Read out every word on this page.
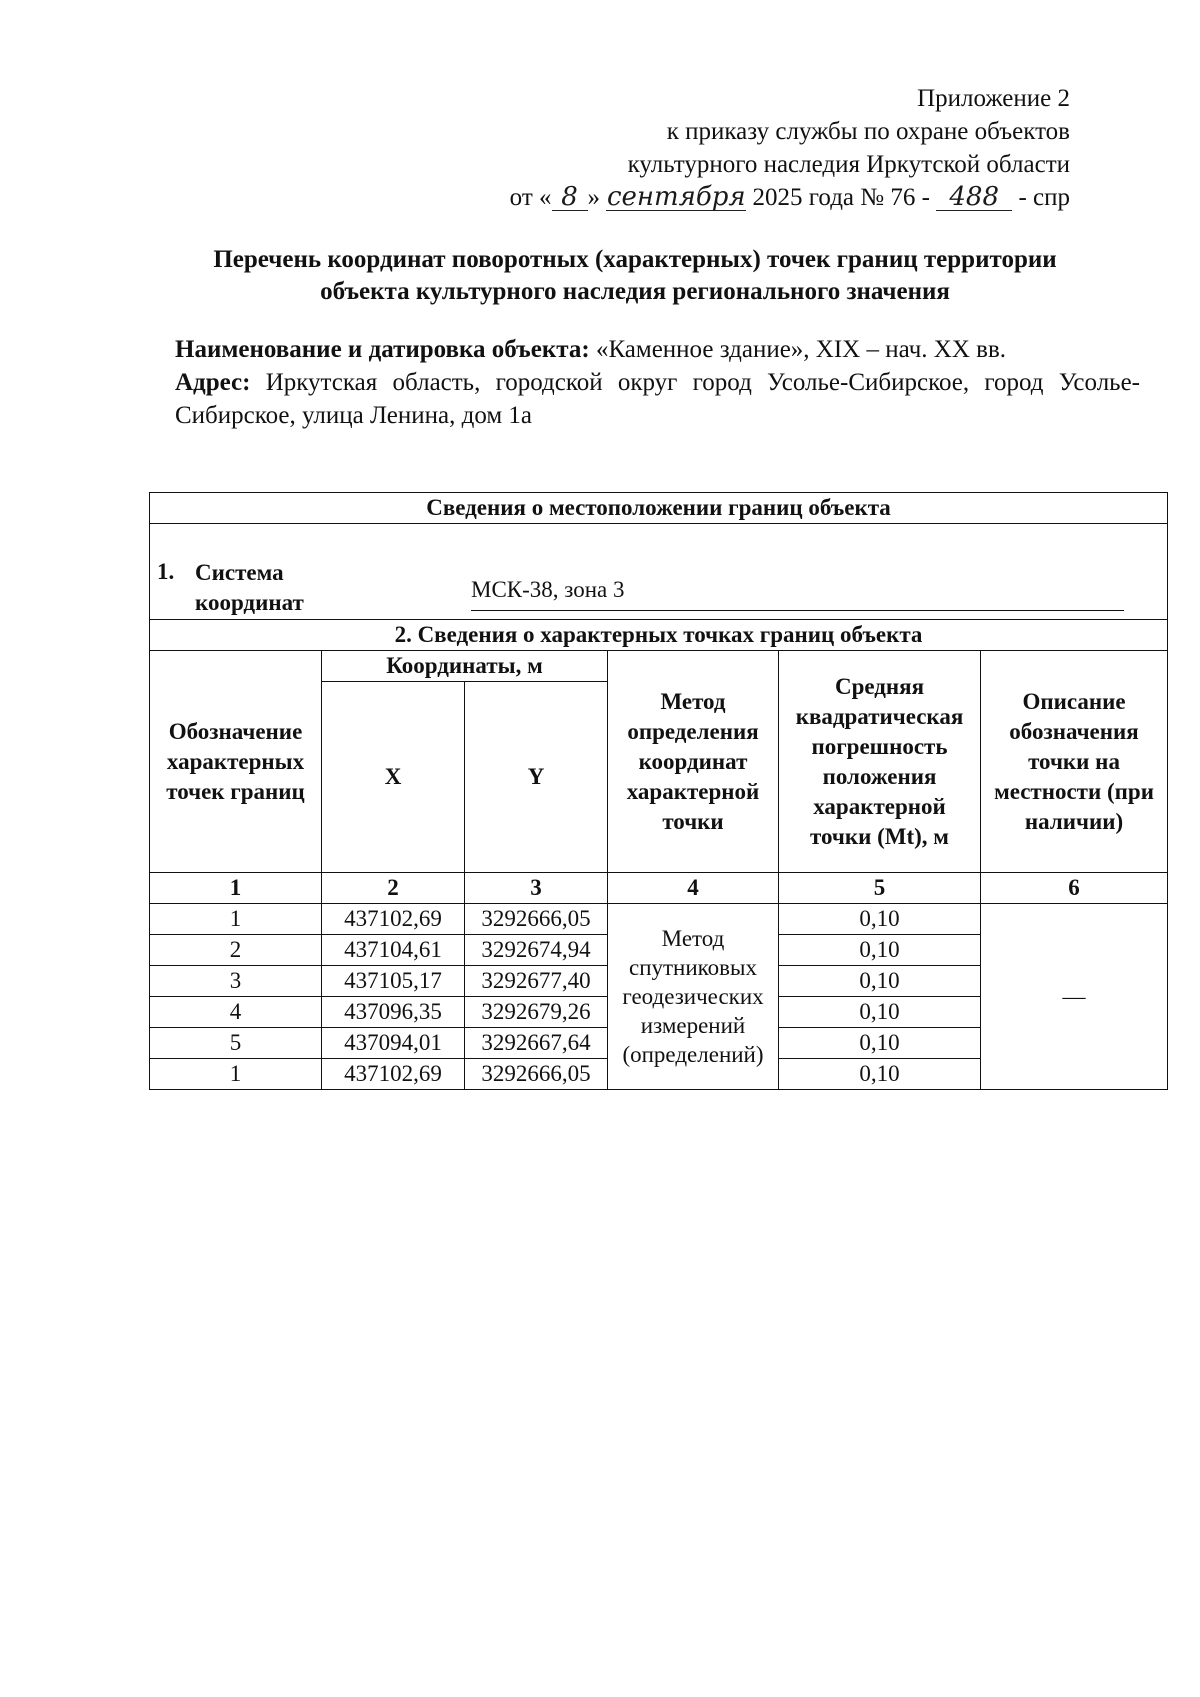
Приложение 2
к приказу службы по охране объектов
культурного наследия Иркутской области
от « 8 » сентября 2025 года № 76 - 488 - спр
Перечень координат поворотных (характерных) точек границ территории
объекта культурного наследия регионального значения
Наименование и датировка объекта: «Каменное здание», XIX – нач. XX вв.
Адрес: Иркутская область, городской округ город Усолье-Сибирское, город Усолье-Сибирское, улица Ленина, дом 1а
Сведения о местоположении границ объекта					

1. Система
координат
МСК-38, зона 3					

2. Сведения о характерных точках границ объекта					
Обозначение характерных точек границ	Координаты, м		Метод определения координат характерной точки	Средняя квадратическая погрешность положения характерной точки (Mt), м	Описание обозначения точки на местности (при наличии)
	X	Y			
1	2	3	4	5	6
1	437102,69	3292666,05	Метод спутниковых геодезических измерений (определений)	0,10	—
2	437104,61	3292674,94		0,10	
3	437105,17	3292677,40		0,10	
4	437096,35	3292679,26		0,10	
5	437094,01	3292667,64		0,10	
1	437102,69	3292666,05		0,10	
